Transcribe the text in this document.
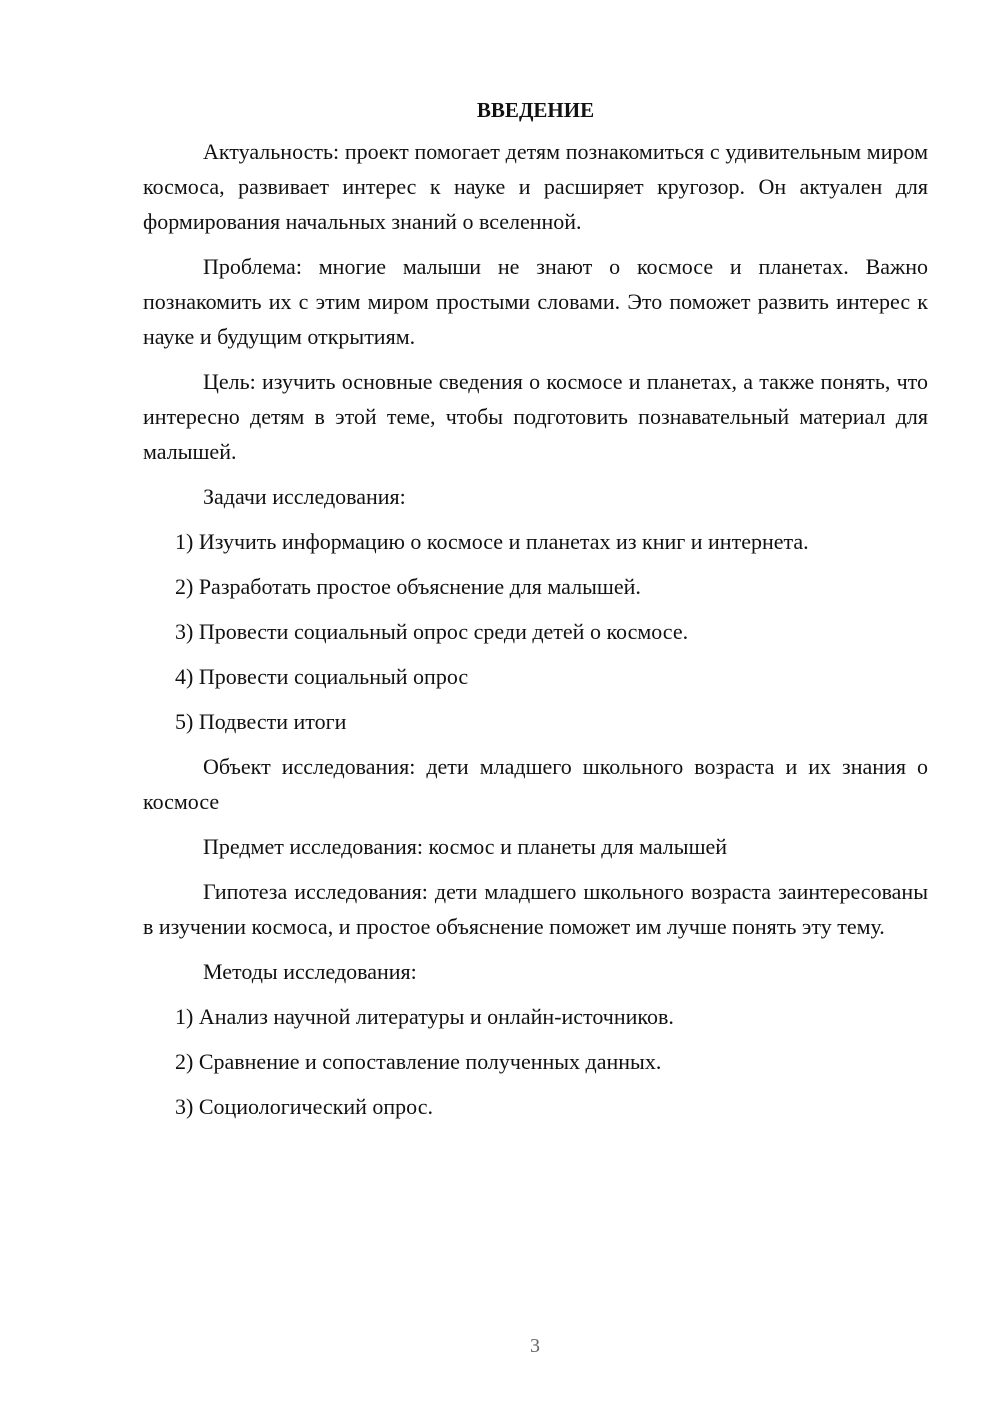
ВВЕДЕНИЕ

Актуальность: проект помогает детям познакомиться с удивительным миром космоса, развивает интерес к науке и расширяет кругозор. Он актуален для формирования начальных знаний о вселенной.

Проблема: многие малыши не знают о космосе и планетах. Важно познакомить их с этим миром простыми словами. Это поможет развить интерес к науке и будущим открытиям.

Цель: изучить основные сведения о космосе и планетах, а также понять, что интересно детям в этой теме, чтобы подготовить познавательный материал для малышей.

Задачи исследования:

1) Изучить информацию о космосе и планетах из книг и интернета.
2) Разработать простое объяснение для малышей.
3) Провести социальный опрос среди детей о космосе.
4) Провести социальный опрос
5) Подвести итоги

Объект исследования: дети младшего школьного возраста и их знания о космосе

Предмет исследования: космос и планеты для малышей

Гипотеза исследования: дети младшего школьного возраста заинтересованы в изучении космоса, и простое объяснение поможет им лучше понять эту тему.

Методы исследования:

1) Анализ научной литературы и онлайн-источников.
2) Сравнение и сопоставление полученных данных.
3) Социологический опрос.
3
